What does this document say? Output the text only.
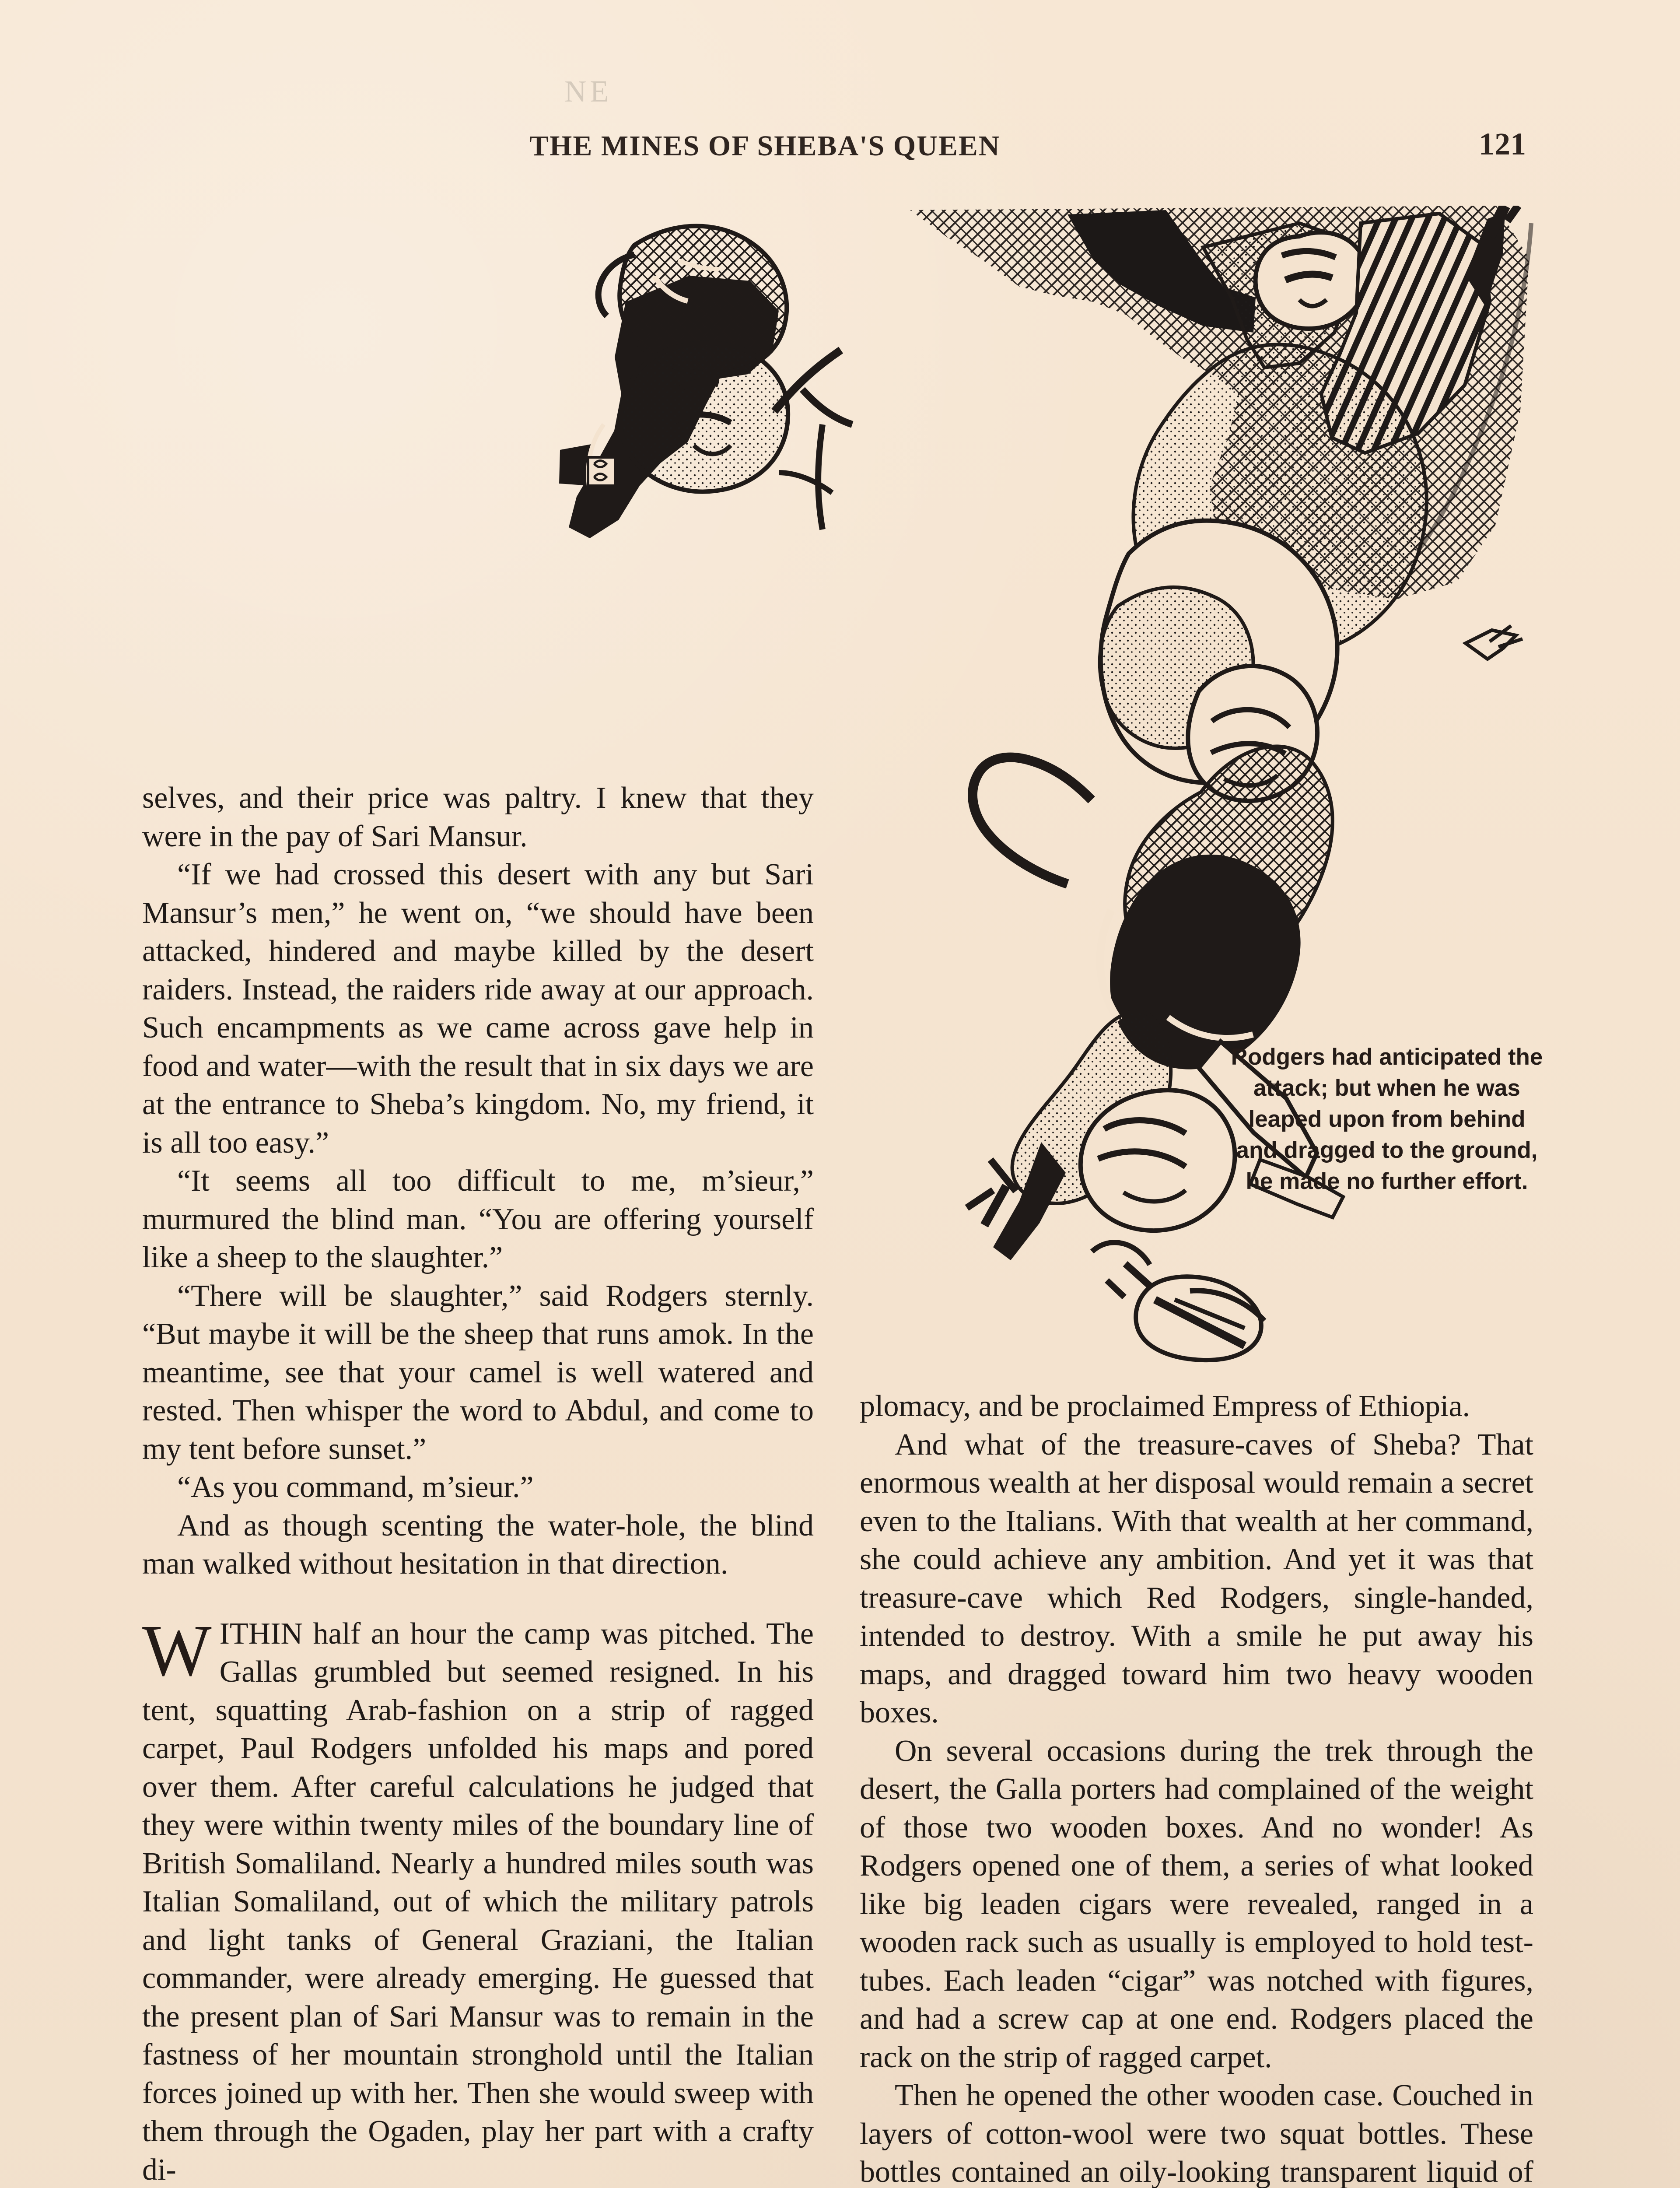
NE
THE MINES OF SHEBA'S QUEEN	121
Rodgers had anticipated the attack; but when he was leaped upon from behind and dragged to the ground, he made no further effort.

selves, and their price was paltry. I knew that they were in the pay of Sari Mansur.

“If we had crossed this desert with any but Sari Mansur’s men,” he went on, “we should have been attacked, hindered and maybe killed by the desert raiders. Instead, the raiders ride away at our approach. Such encampments as we came across gave help in food and water—with the result that in six days we are at the entrance to Sheba’s kingdom. No, my friend, it is all too easy.”

“It seems all too difficult to me, m’sieur,” murmured the blind man. “You are offering yourself like a sheep to the slaughter.”

“There will be slaughter,” said Rodgers sternly. “But maybe it will be the sheep that runs amok. In the meantime, see that your camel is well watered and rested. Then whisper the word to Abdul, and come to my tent before sunset.”

“As you command, m’sieur.”

And as though scenting the water-hole, the blind man walked without hesitation in that direction.

W ITHIN half an hour the camp was pitched. The Gallas grumbled but seemed resigned. In his tent, squatting Arab-fashion on a strip of ragged carpet, Paul Rodgers unfolded his maps and pored over them. After careful calculations he judged that they were within twenty miles of the boundary line of British Somaliland. Nearly a hundred miles south was Italian Somaliland, out of which the military patrols and light tanks of General Graziani, the Italian commander, were already emerging. He guessed that the present plan of Sari Mansur was to remain in the fastness of her mountain stronghold until the Italian forces joined up with her. Then she would sweep with them through the Ogaden, play her part with a crafty di-

plomacy, and be proclaimed Empress of Ethiopia.

And what of the treasure-caves of Sheba? That enormous wealth at her disposal would remain a secret even to the Italians. With that wealth at her command, she could achieve any ambition. And yet it was that treasure-cave which Red Rodgers, single-handed, intended to destroy. With a smile he put away his maps, and dragged toward him two heavy wooden boxes.

On several occasions during the trek through the desert, the Galla porters had complained of the weight of those two wooden boxes. And no wonder! As Rodgers opened one of them, a series of what looked like big leaden cigars were revealed, ranged in a wooden rack such as usually is employed to hold test-tubes. Each leaden “cigar” was notched with figures, and had a screw cap at one end. Rodgers placed the rack on the strip of ragged carpet.

Then he opened the other wooden case. Couched in layers of cotton-wool were two squat bottles. These bottles contained an oily-looking transparent liquid of
